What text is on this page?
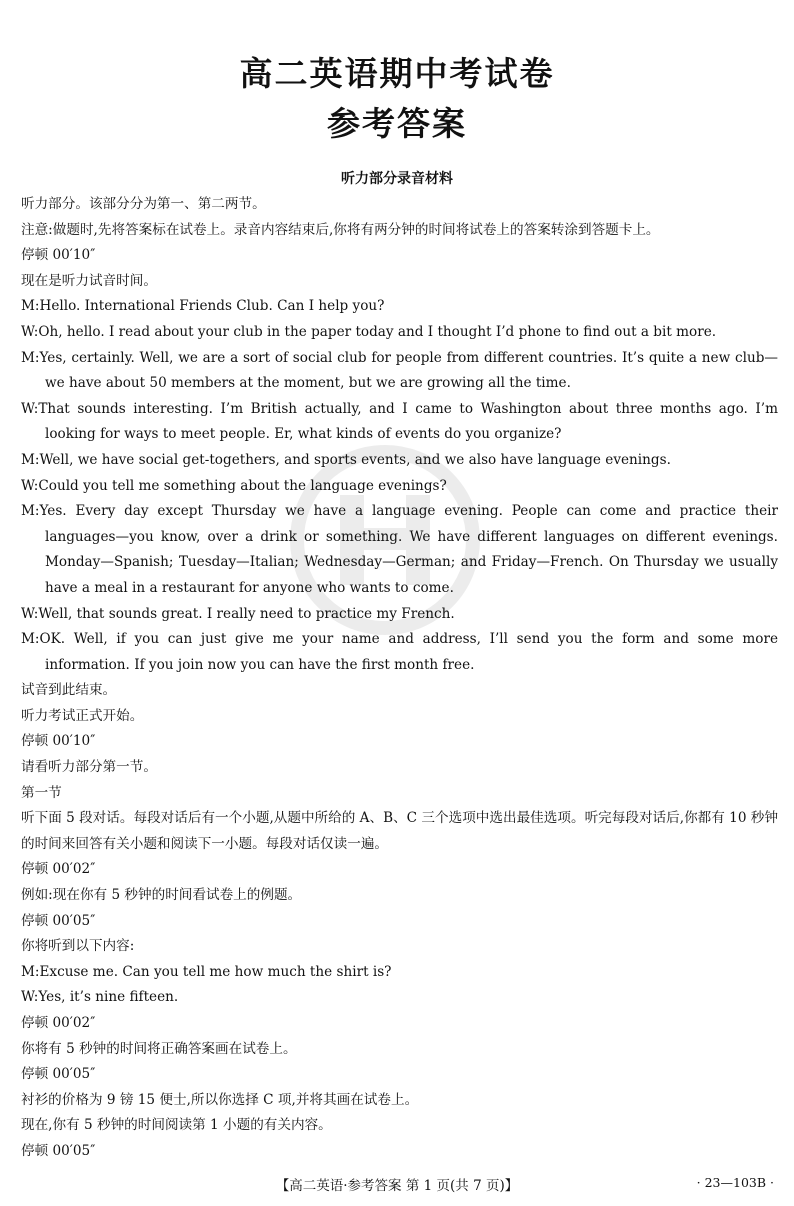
高二英语期中考试卷
参考答案
听力部分录音材料

听力部分。该部分分为第一、第二两节。

注意:做题时,先将答案标在试卷上。录音内容结束后,你将有两分钟的时间将试卷上的答案转涂到答题卡上。

停顿 00′10″

现在是听力试音时间。

M:Hello. International Friends Club. Can I help you?

W:Oh, hello. I read about your club in the paper today and I thought I’d phone to find out a bit more.

M:Yes, certainly. Well, we are a sort of social club for people from different countries. It’s quite a new club—we have about 50 members at the moment, but we are growing all the time.

W:That sounds interesting. I’m British actually, and I came to Washington about three months ago. I’m looking for ways to meet people. Er, what kinds of events do you organize?

M:Well, we have social get-togethers, and sports events, and we also have language evenings.

W:Could you tell me something about the language evenings?

M:Yes. Every day except Thursday we have a language evening. People can come and practice their languages—you know, over a drink or something. We have different languages on different evenings. Monday—Spanish; Tuesday—Italian; Wednesday—German; and Friday—French. On Thursday we usually have a meal in a restaurant for anyone who wants to come.

W:Well, that sounds great. I really need to practice my French.

M:OK. Well, if you can just give me your name and address, I’ll send you the form and some more information. If you join now you can have the first month free.

试音到此结束。

听力考试正式开始。

停顿 00′10″

请看听力部分第一节。

第一节

听下面 5 段对话。每段对话后有一个小题,从题中所给的 A、B、C 三个选项中选出最佳选项。听完每段对话后,你都有 10 秒钟的时间来回答有关小题和阅读下一小题。每段对话仅读一遍。

停顿 00′02″

例如:现在你有 5 秒钟的时间看试卷上的例题。

停顿 00′05″

你将听到以下内容:

M:Excuse me. Can you tell me how much the shirt is?

W:Yes, it’s nine fifteen.

停顿 00′02″

你将有 5 秒钟的时间将正确答案画在试卷上。

停顿 00′05″

衬衫的价格为 9 镑 15 便士,所以你选择 C 项,并将其画在试卷上。

现在,你有 5 秒钟的时间阅读第 1 小题的有关内容。

停顿 00′05″

【高二英语·参考答案 第 1 页(共 7 页)】	· 23—103B ·
